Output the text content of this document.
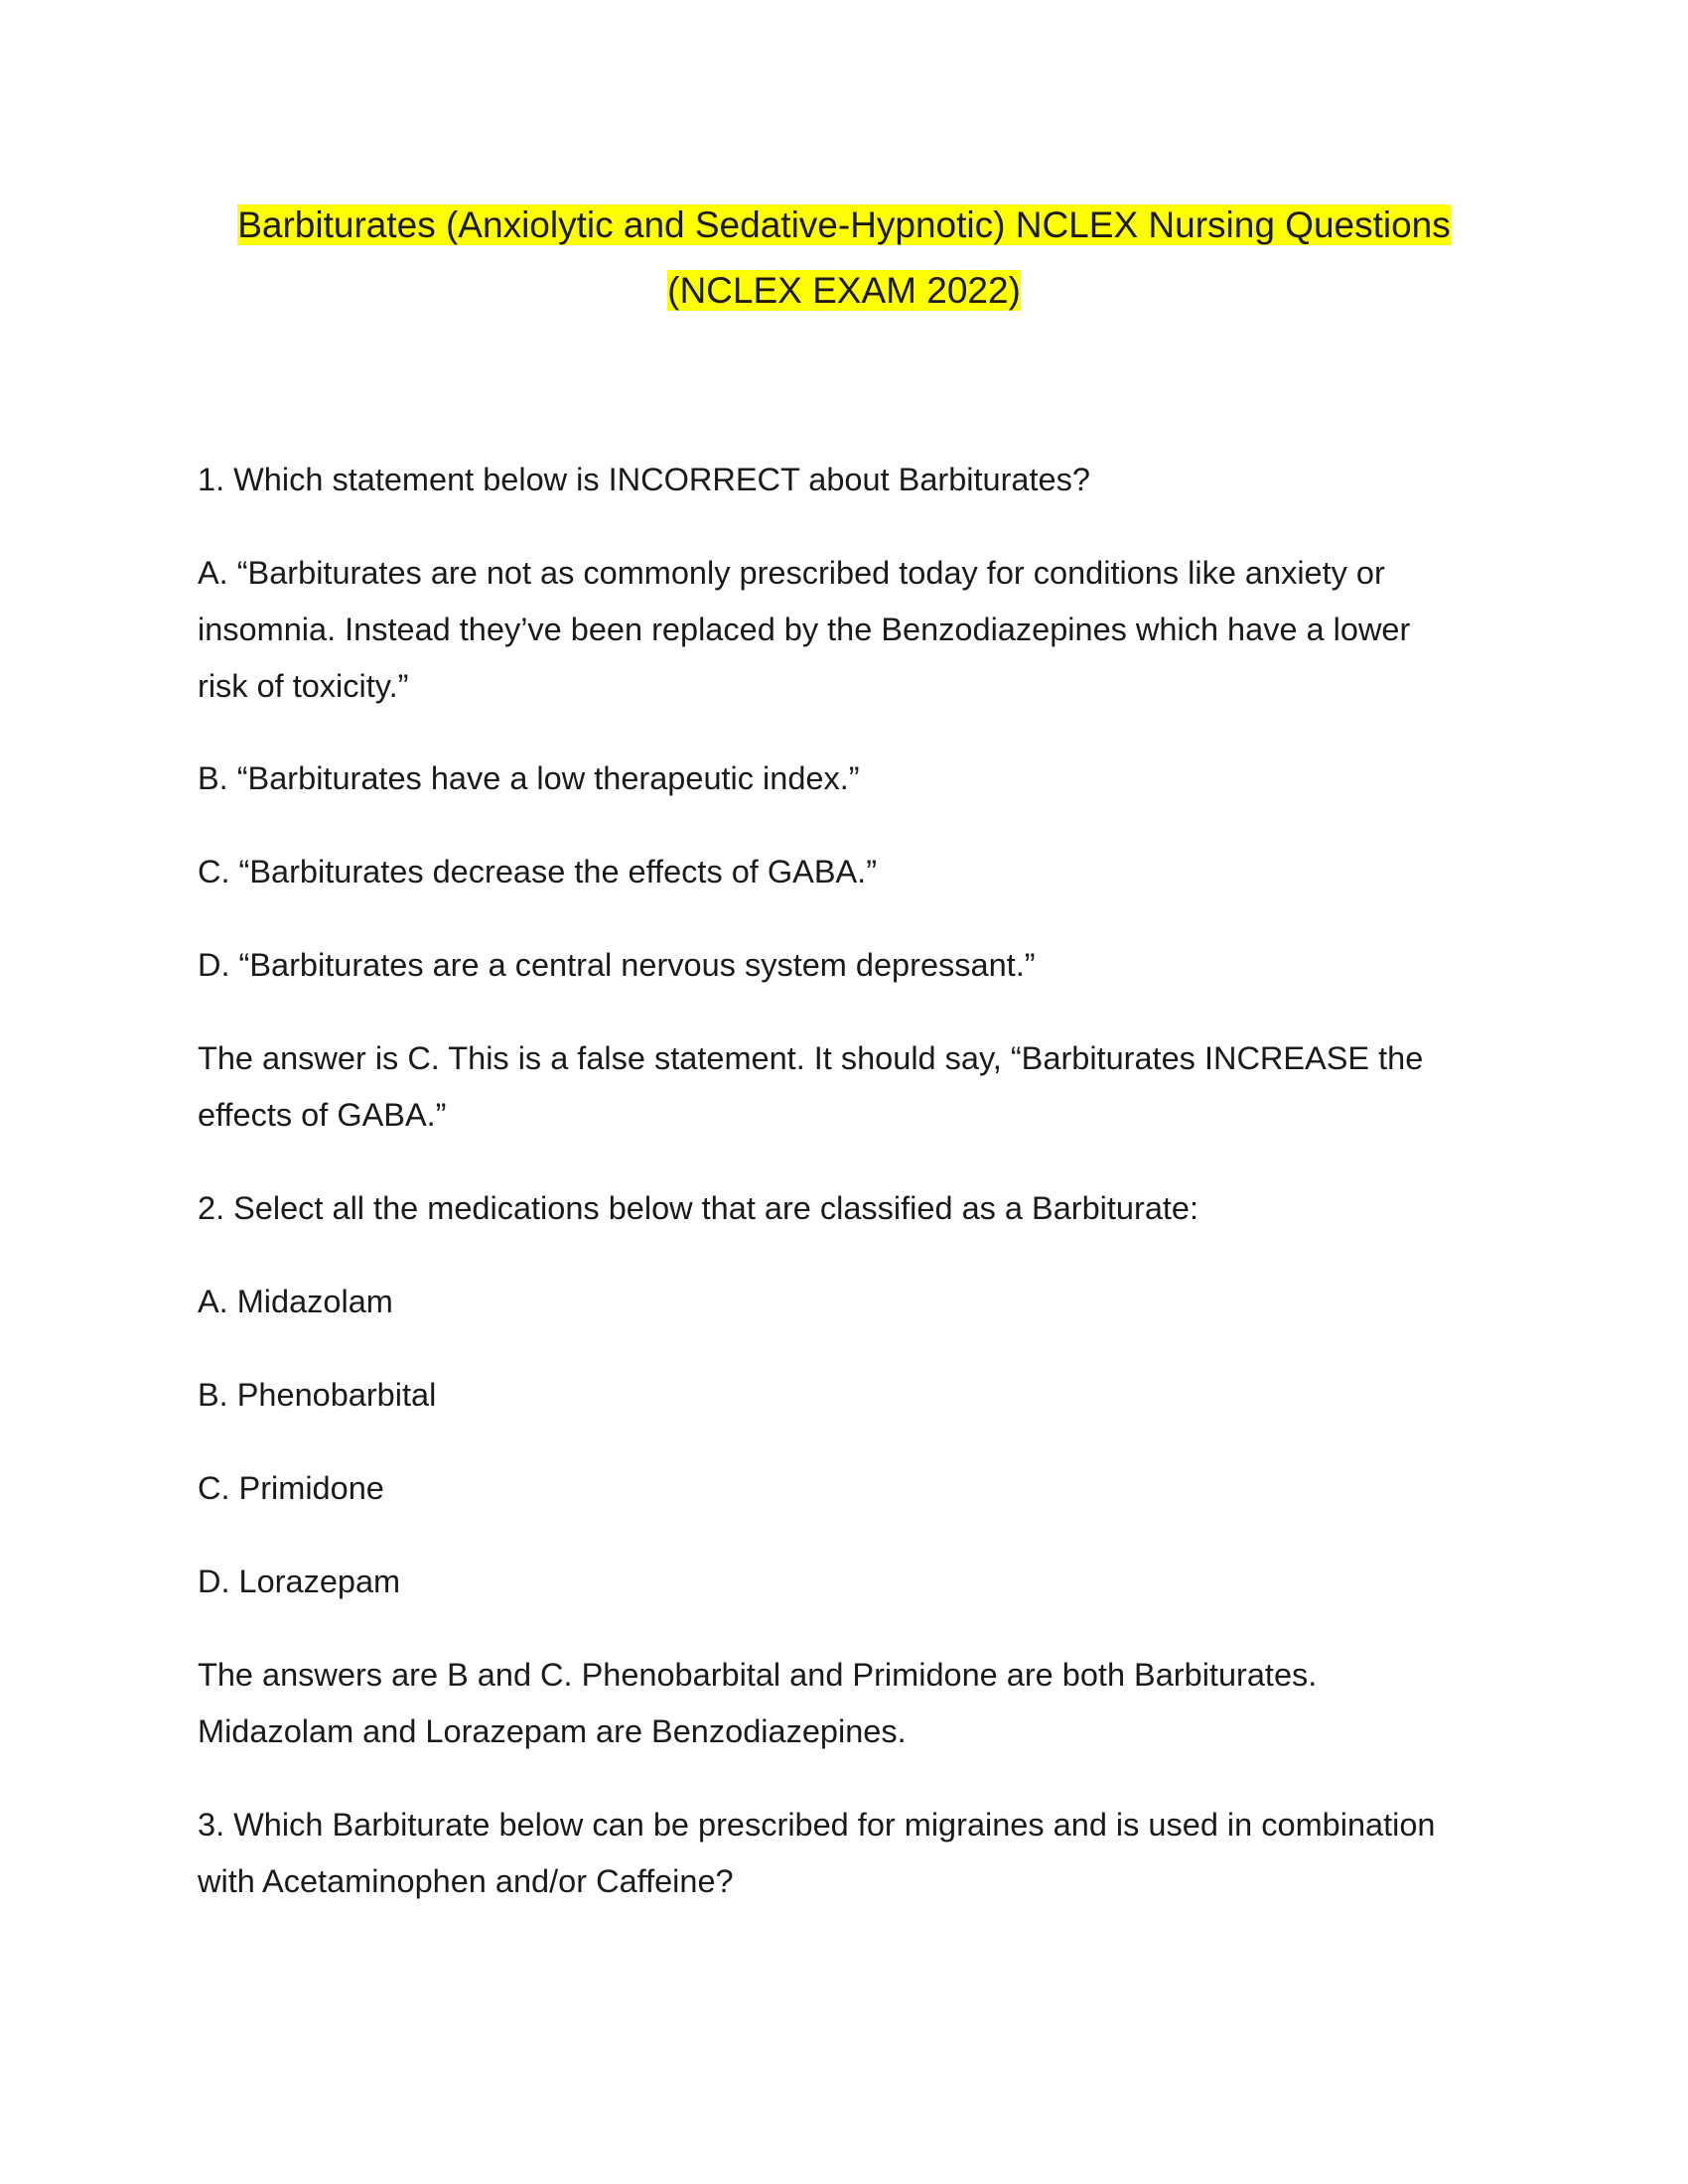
Barbiturates (Anxiolytic and Sedative-Hypnotic) NCLEX Nursing Questions
(NCLEX EXAM 2022)

1. Which statement below is INCORRECT about Barbiturates?

A. “Barbiturates are not as commonly prescribed today for conditions like anxiety or
insomnia. Instead they’ve been replaced by the Benzodiazepines which have a lower
risk of toxicity.”

B. “Barbiturates have a low therapeutic index.”

C. “Barbiturates decrease the effects of GABA.”

D. “Barbiturates are a central nervous system depressant.”

The answer is C. This is a false statement. It should say, “Barbiturates INCREASE the
effects of GABA.”

2. Select all the medications below that are classified as a Barbiturate:

A. Midazolam

B. Phenobarbital

C. Primidone

D. Lorazepam

The answers are B and C. Phenobarbital and Primidone are both Barbiturates.
Midazolam and Lorazepam are Benzodiazepines.

3. Which Barbiturate below can be prescribed for migraines and is used in combination
with Acetaminophen and/or Caffeine?
